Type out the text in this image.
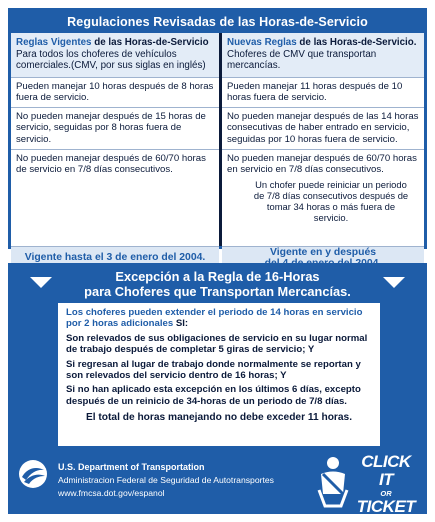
Regulaciones Revisadas de las Horas-de-Servicio
Reglas Vigentes de las Horas-de-Servicio
Para todos los choferes de vehículos comerciales.(CMV, por sus siglas en inglés)
Nuevas Reglas de las Horas-de-Servicio. Choferes de CMV que transportan mercancías.
Pueden manejar 10 horas después de 8 horas fuera de servicio.
Pueden manejar 11 horas después de 10 horas fuera de servicio.
No pueden manejar después de 15 horas de servicio, seguidas por 8 horas fuera de servicio.
No pueden manejar después de las 14 horas consecutivas de haber entrado en servicio, seguidas por 10 horas fuera de servicio.
No pueden manejar después de 60/70 horas de servicio en 7/8 días consecutivos.
No pueden manejar después de 60/70 horas en servicio en 7/8 días consecutivos.
Un chofer puede reiniciar un periodo de 7/8 días consecutivos después de tomar 34 horas o más fuera de servicio.
Vigente hasta el 3 de enero del 2004.	Vigente en y después
Excepción a la Regla de 16-Horas
para Choferes que Transportan Mercancías.

Los choferes pueden extender el periodo de 14 horas en servicio por 2 horas adicionales SI:

Son relevados de sus obligaciones de servicio en su lugar normal de trabajo después de completar 5 giras de servicio; Y

Si regresan al lugar de trabajo donde normalmente se reportan y son relevados del servicio dentro de 16 horas; Y

Si no han aplicado esta excepción en los últimos 6 días, excepto después de un reinicio de 34-horas de un periodo de 7/8 días.

El total de horas manejando no debe exceder 11 horas.

U.S. Department of Transportation
Administracion Federal de Seguridad de Autotransportes
www.fmcsa.dot.gov/espanol
CLICK IT
OR
TICKET
